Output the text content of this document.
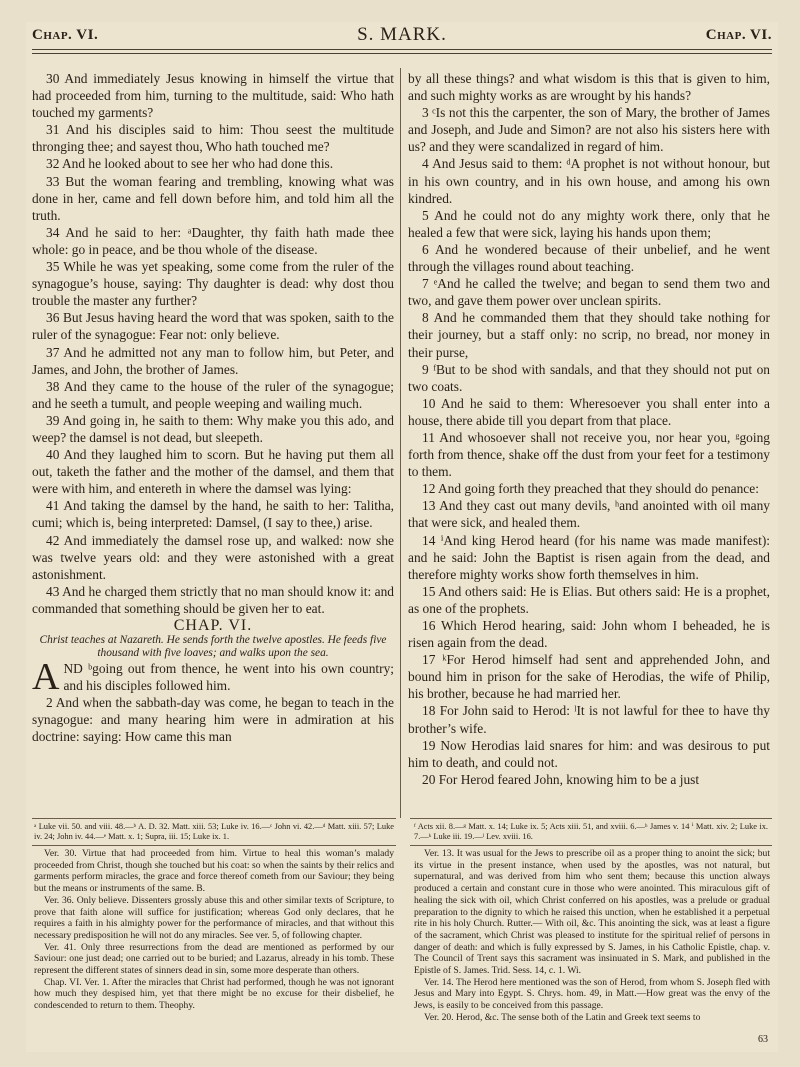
Chap. VI.	S. MARK.	Chap. VI.

30 And immediately Jesus knowing in himself the virtue that had proceeded from him, turning to the multitude, said: Who hath touched my garments?

31 And his disciples said to him: Thou seest the multitude thronging thee; and sayest thou, Who hath touched me?

32 And he looked about to see her who had done this.

33 But the woman fearing and trembling, knowing what was done in her, came and fell down before him, and told him all the truth.

34 And he said to her: ᵃDaughter, thy faith hath made thee whole: go in peace, and be thou whole of the disease.

35 While he was yet speaking, some come from the ruler of the synagogue’s house, saying: Thy daughter is dead: why dost thou trouble the master any further?

36 But Jesus having heard the word that was spoken, saith to the ruler of the synagogue: Fear not: only believe.

37 And he admitted not any man to follow him, but Peter, and James, and John, the brother of James.

38 And they came to the house of the ruler of the synagogue; and he seeth a tumult, and people weeping and wailing much.

39 And going in, he saith to them: Why make you this ado, and weep? the damsel is not dead, but sleepeth.

40 And they laughed him to scorn. But he having put them all out, taketh the father and the mother of the damsel, and them that were with him, and entereth in where the damsel was lying:

41 And taking the damsel by the hand, he saith to her: Talitha, cumi; which is, being interpreted: Damsel, (I say to thee,) arise.

42 And immediately the damsel rose up, and walked: now she was twelve years old: and they were astonished with a great astonishment.

43 And he charged them strictly that no man should know it: and commanded that something should be given her to eat.

CHAP. VI.

Christ teaches at Nazareth. He sends forth the twelve apostles. He feeds five thousand with five loaves; and walks upon the sea.

AND ᵇgoing out from thence, he went into his own country; and his disciples followed him.

2 And when the sabbath-day was come, he began to teach in the synagogue: and many hearing him were in admiration at his doctrine: saying: How came this man

by all these things? and what wisdom is this that is given to him, and such mighty works as are wrought by his hands?

3 ᶜIs not this the carpenter, the son of Mary, the brother of James and Joseph, and Jude and Simon? are not also his sisters here with us? and they were scandalized in regard of him.

4 And Jesus said to them: ᵈA prophet is not without honour, but in his own country, and in his own house, and among his own kindred.

5 And he could not do any mighty work there, only that he healed a few that were sick, laying his hands upon them;

6 And he wondered because of their unbelief, and he went through the villages round about teaching.

7 ᵉAnd he called the twelve; and began to send them two and two, and gave them power over unclean spirits.

8 And he commanded them that they should take nothing for their journey, but a staff only: no scrip, no bread, nor money in their purse,

9 ᶠBut to be shod with sandals, and that they should not put on two coats.

10 And he said to them: Wheresoever you shall enter into a house, there abide till you depart from that place.

11 And whosoever shall not receive you, nor hear you, ᵍgoing forth from thence, shake off the dust from your feet for a testimony to them.

12 And going forth they preached that they should do penance:

13 And they cast out many devils, ʰand anointed with oil many that were sick, and healed them.

14 ⁱAnd king Herod heard (for his name was made manifest): and he said: John the Baptist is risen again from the dead, and therefore mighty works show forth themselves in him.

15 And others said: He is Elias. But others said: He is a prophet, as one of the prophets.

16 Which Herod hearing, said: John whom I beheaded, he is risen again from the dead.

17 ᵏFor Herod himself had sent and apprehended John, and bound him in prison for the sake of Herodias, the wife of Philip, his brother, because he had married her.

18 For John said to Herod: ˡIt is not lawful for thee to have thy brother’s wife.

19 Now Herodias laid snares for him: and was desirous to put him to death, and could not.

20 For Herod feared John, knowing him to be a just

ᵃ Luke vii. 50. and viii. 48.—ᵇ A. D. 32. Matt. xiii. 53; Luke iv. 16.—ᶜ John vi. 42.—ᵈ Matt. xiii. 57; Luke iv. 24; John iv. 44.—ᵉ Matt. x. 1; Supra, iii. 15; Luke ix. 1.
ᶠ Acts xii. 8.—ᵍ Matt. x. 14; Luke ix. 5; Acts xiii. 51, and xviii. 6.—ʰ James v. 14 ⁱ Matt. xiv. 2; Luke ix. 7.—ᵏ Luke iii. 19.—ˡ Lev. xviii. 16.

Ver. 30. Virtue that had proceeded from him. Virtue to heal this woman’s malady proceeded from Christ, though she touched but his coat: so when the saints by their relics and garments perform miracles, the grace and force thereof cometh from our Saviour; they being but the means or instruments of the same. B.

Ver. 36. Only believe. Dissenters grossly abuse this and other similar texts of Scripture, to prove that faith alone will suffice for justification; whereas God only declares, that he requires a faith in his almighty power for the performance of miracles, and that without this necessary predisposition he will not do any miracles. See ver. 5, of following chapter.

Ver. 41. Only three resurrections from the dead are mentioned as performed by our Saviour: one just dead; one carried out to be buried; and Lazarus, already in his tomb. These represent the different states of sinners dead in sin, some more desperate than others.

Chap. VI. Ver. 1. After the miracles that Christ had performed, though he was not ignorant how much they despised him, yet that there might be no excuse for their disbelief, he condescended to return to them. Theophy.

Ver. 13. It was usual for the Jews to prescribe oil as a proper thing to anoint the sick; but its virtue in the present instance, when used by the apostles, was not natural, but supernatural, and was derived from him who sent them; because this unction always produced a certain and constant cure in those who were anointed. This miraculous gift of healing the sick with oil, which Christ conferred on his apostles, was a prelude or gradual preparation to the dignity to which he raised this unction, when he established it a perpetual rite in his holy Church. Rutter.— With oil, &c. This anointing the sick, was at least a figure of the sacrament, which Christ was pleased to institute for the spiritual relief of persons in danger of death: and which is fully expressed by S. James, in his Catholic Epistle, chap. v. The Council of Trent says this sacrament was insinuated in S. Mark, and published in the Epistle of S. James. Trid. Sess. 14, c. 1. Wi.

Ver. 14. The Herod here mentioned was the son of Herod, from whom S. Joseph fled with Jesus and Mary into Egypt. S. Chrys. hom. 49, in Matt.—How great was the envy of the Jews, is easily to be conceived from this passage.

Ver. 20. Herod, &c. The sense both of the Latin and Greek text seems to

63
